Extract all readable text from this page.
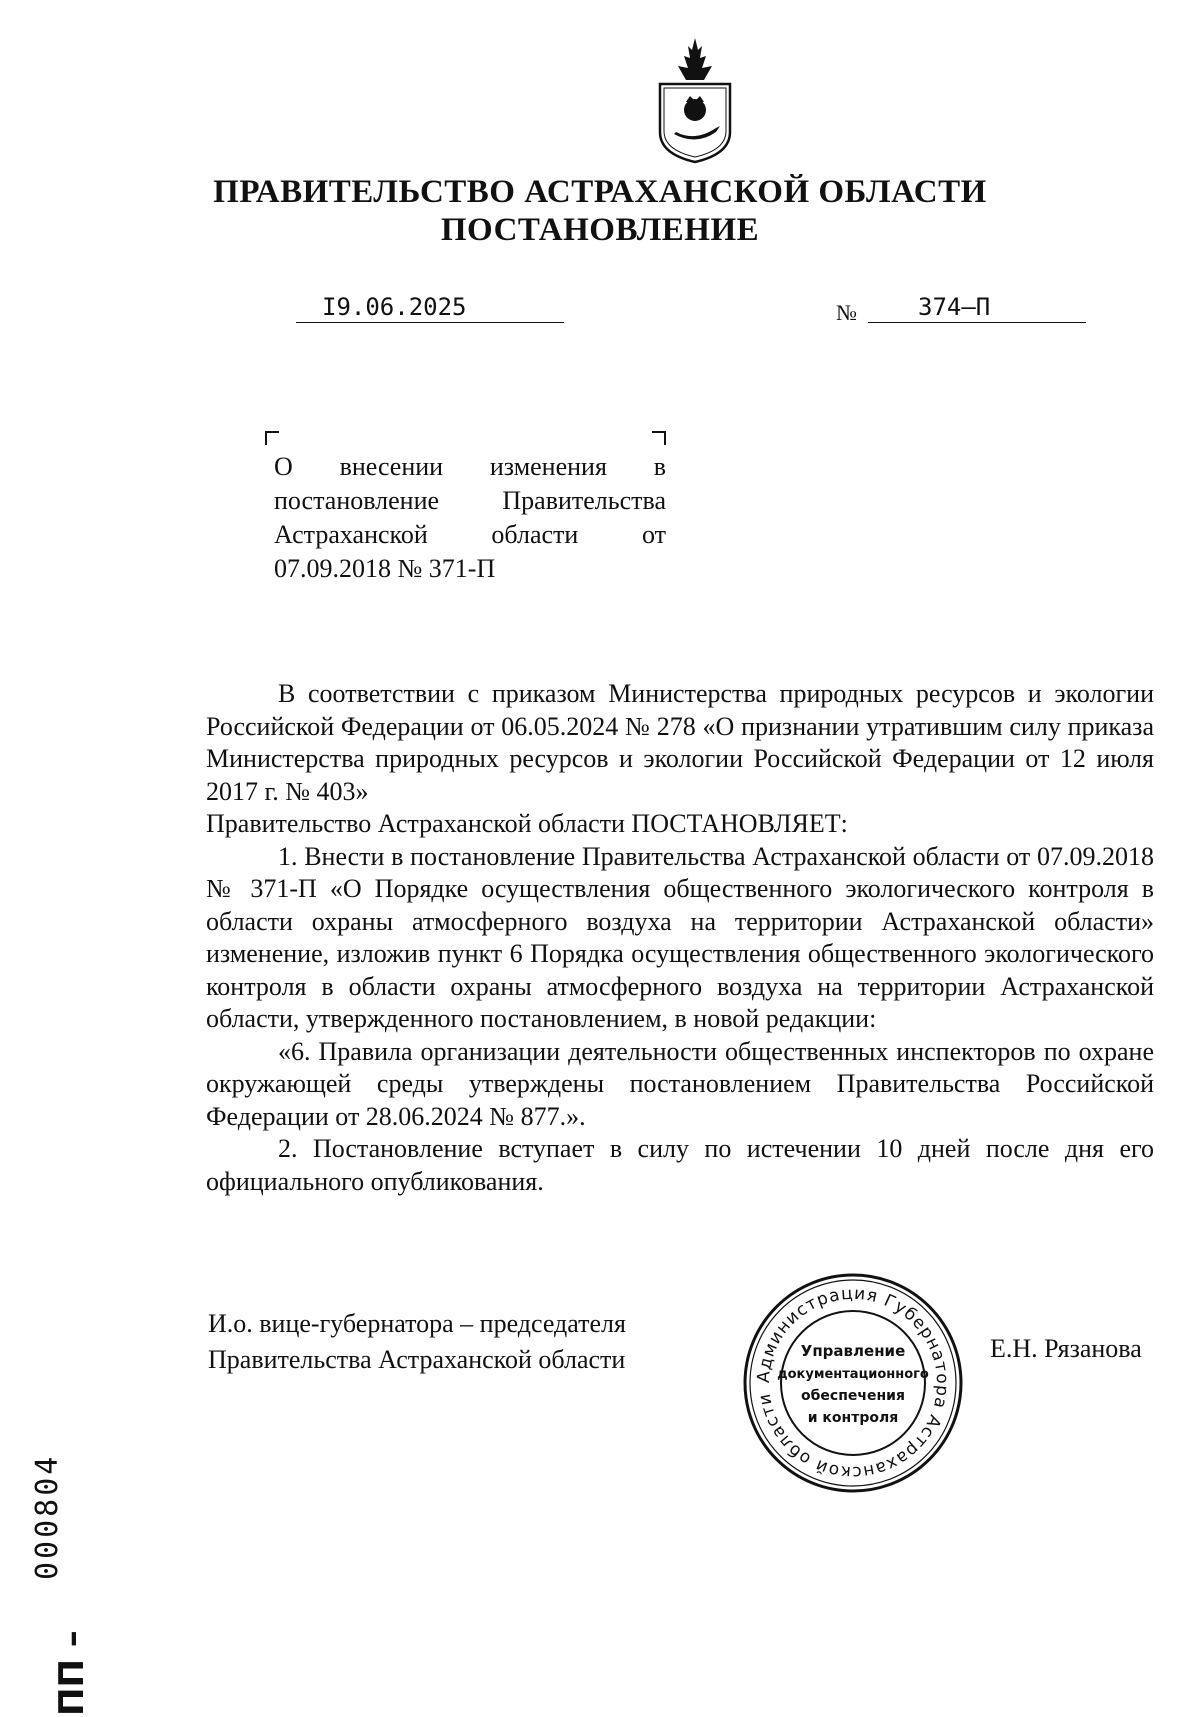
ПРАВИТЕЛЬСТВО АСТРАХАНСКОЙ ОБЛАСТИ
ПОСТАНОВЛЕНИЕ
I9.06.2025	№	374–П
О внесении изменения в постановление Правительства Астраханской области от 07.09.2018 № 371-П

В соответствии с приказом Министерства природных ресурсов и экологии Российской Федерации от 06.05.2024 № 278 «О признании утратившим силу приказа Министерства природных ресурсов и экологии Российской Федерации от 12 июля 2017 г. № 403»

Правительство Астраханской области ПОСТАНОВЛЯЕТ:

1. Внести в постановление Правительства Астраханской области от 07.09.2018 № 371-П «О Порядке осуществления общественного экологического контроля в области охраны атмосферного воздуха на территории Астраханской области» изменение, изложив пункт 6 Порядка осуществления общественного экологического контроля в области охраны атмосферного воздуха на территории Астраханской области, утвержденного постановлением, в новой редакции:

«6. Правила организации деятельности общественных инспекторов по охране окружающей среды утверждены постановлением Правительства Российской Федерации от 28.06.2024 № 877.».

2. Постановление вступает в силу по истечении 10 дней после дня его официального опубликования.

И.о. вице-губернатора – председателя
Правительства Астраханской области	Е.Н. Рязанова
Администрация Губернатора Астраханской области
Управление
документационного
обеспечения
и контроля
000804
ПП –
